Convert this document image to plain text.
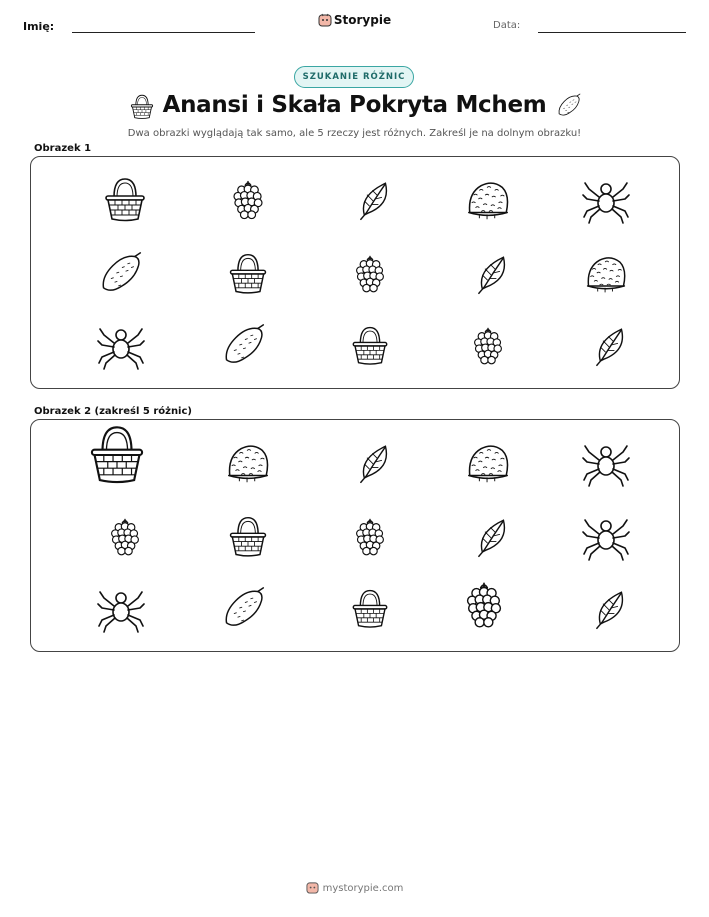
Imię:	Storypie	Data:
SZUKANIE RÓŻNIC
Anansi i Skała Pokryta Mchem
Dwa obrazki wyglądają tak samo, ale 5 rzeczy jest różnych. Zakreśl je na dolnym obrazku!
Obrazek 1
Obrazek 2 (zakreśl 5 różnic)
mystorypie.com
